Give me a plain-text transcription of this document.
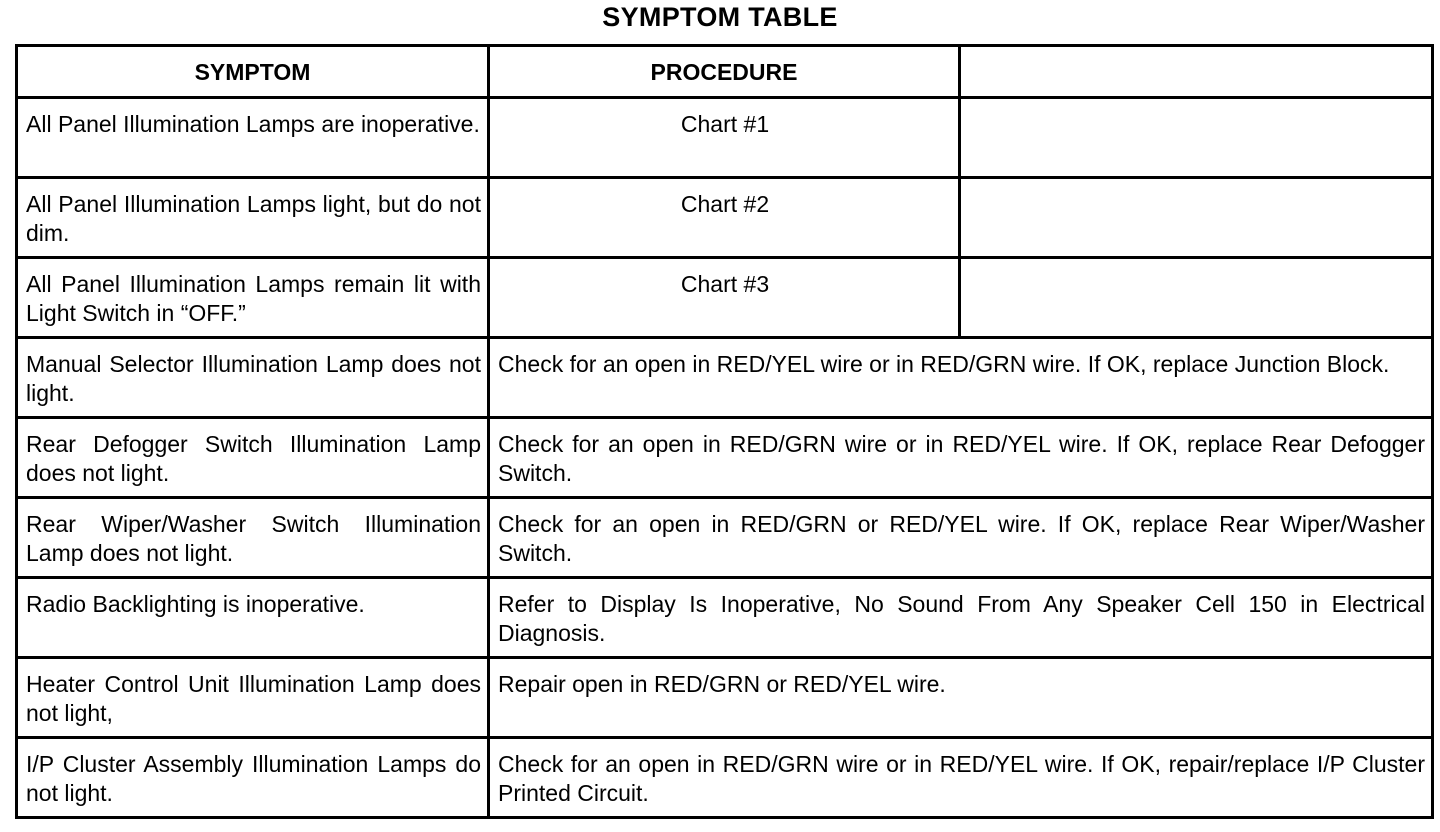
SYMPTOM TABLE
SYMPTOM	PROCEDURE	
All Panel Illumination Lamps are inoperative.	Chart #1	
All Panel Illumination Lamps light, but do not dim.	Chart #2	
All Panel Illumination Lamps remain lit with Light Switch in “OFF.”	Chart #3	
Manual Selector Illumination Lamp does not light.	Check for an open in RED/YEL wire or in RED/GRN wire. If OK, replace Junction Block.	
Rear Defogger Switch Illumination Lamp does not light.	Check for an open in RED/GRN wire or in RED/YEL wire. If OK, replace Rear Defogger Switch.	
Rear Wiper/Washer Switch Illumination Lamp does not light.	Check for an open in RED/GRN or RED/YEL wire. If OK, replace Rear Wiper/Washer Switch.	
Radio Backlighting is inoperative.	Refer to Display Is Inoperative, No Sound From Any Speaker Cell 150 in Electrical Diagnosis.	
Heater Control Unit Illumination Lamp does not light,	Repair open in RED/GRN or RED/YEL wire.	
I/P Cluster Assembly Illumination Lamps do not light.	Check for an open in RED/GRN wire or in RED/YEL wire. If OK, repair/replace I/P Cluster Printed Circuit.	
